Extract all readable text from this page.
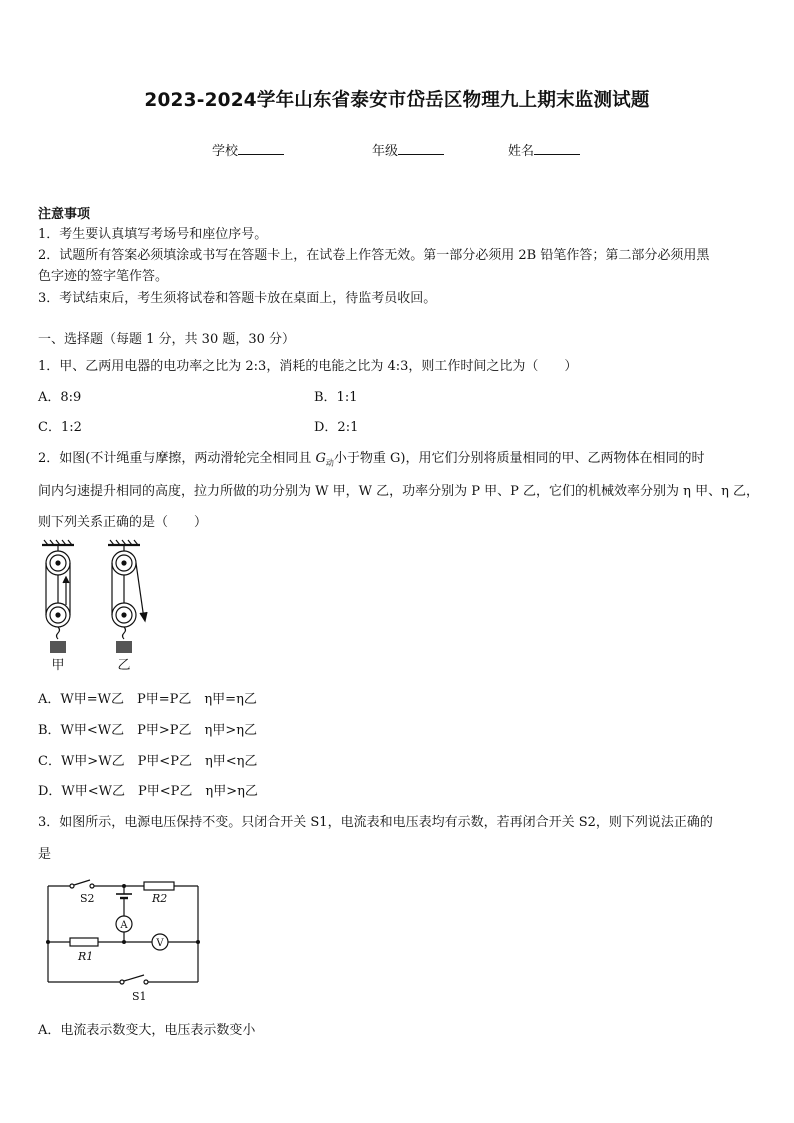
2023-2024学年山东省泰安市岱岳区物理九上期末监测试题
学校	年级	姓名
注意事项
1．考生要认真填写考场号和座位序号。
2．试题所有答案必须填涂或书写在答题卡上，在试卷上作答无效。第一部分必须用 2B 铅笔作答；第二部分必须用黑
色字迹的签字笔作答。
3．考试结束后，考生须将试卷和答题卡放在桌面上，待监考员收回。
一、选择题（每题 1 分，共 30 题，30 分）
1．甲、乙两用电器的电功率之比为 2:3，消耗的电能之比为 4:3，则工作时间之比为（　　）
A．8:9	B．1:1
C．1:2	D．2:1
2．如图(不计绳重与摩擦，两动滑轮完全相同且 $G_动$小于物重 G)，用它们分别将质量相同的甲、乙两物体在相同的时
间内匀速提升相同的高度，拉力所做的功分别为 W 甲，W 乙，功率分别为 P 甲、P 乙，它们的机械效率分别为 η 甲、η 乙，
则下列关系正确的是（　　）
甲	乙
A．W甲=W乙　P甲=P乙　η甲=η乙
B．W甲<W乙　P甲>P乙　η甲>η乙
C．W甲>W乙　P甲<P乙　η甲<η乙
D．W甲<W乙　P甲<P乙　η甲>η乙
3．如图所示，电源电压保持不变。只闭合开关 S1，电流表和电压表均有示数，若再闭合开关 S2，则下列说法正确的
是
S2	R2
A
V
R1
S1
A．电流表示数变大，电压表示数变小
